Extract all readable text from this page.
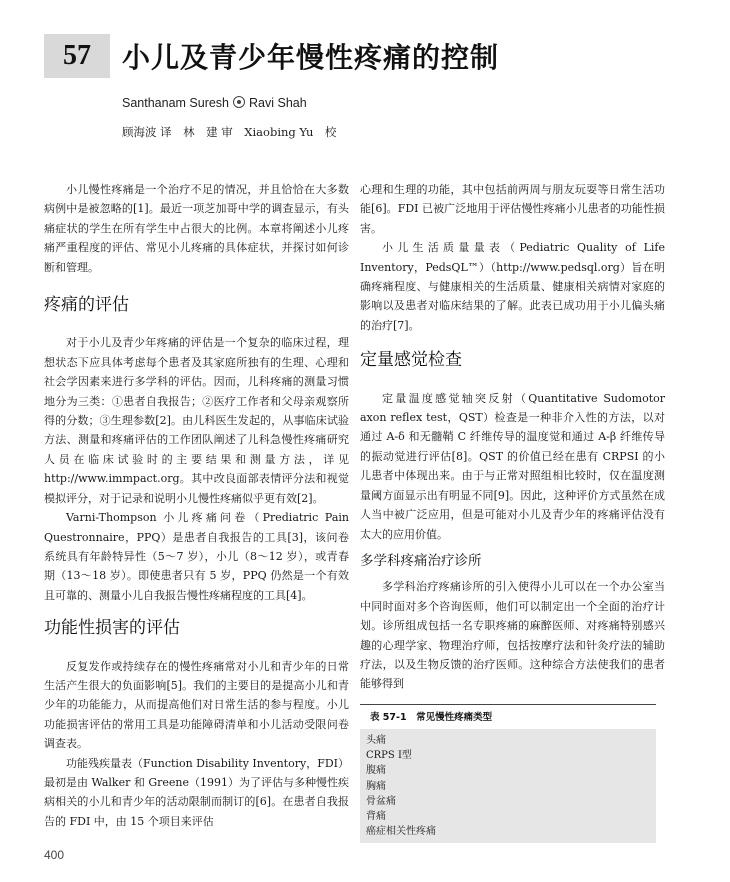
57	小儿及青少年慢性疼痛的控制
Santhanam Suresh Ravi Shah
顾海波 译　林　建 审　Xiaobing Yu　校

小儿慢性疼痛是一个治疗不足的情况，并且恰恰在大多数病例中是被忽略的[1]。最近一项芝加哥中学的调查显示，有头痛症状的学生在所有学生中占很大的比例。本章将阐述小儿疼痛严重程度的评估、常见小儿疼痛的具体症状，并探讨如何诊断和管理。

疼痛的评估

对于小儿及青少年疼痛的评估是一个复杂的临床过程，理想状态下应具体考虑每个患者及其家庭所独有的生理、心理和社会学因素来进行多学科的评估。因而，儿科疼痛的测量习惯地分为三类：①患者自我报告；②医疗工作者和父母亲观察所得的分数；③生理参数[2]。由儿科医生发起的，从事临床试验方法、测量和疼痛评估的工作团队阐述了儿科急慢性疼痛研究人员在临床试验时的主要结果和测量方法，详见 http://www.immpact.org。其中改良面部表情评分法和视觉模拟评分，对于记录和说明小儿慢性疼痛似乎更有效[2]。

Varni-Thompson 小儿疼痛问卷（Prediatric Pain Questronnaire，PPQ）是患者自我报告的工具[3]，该问卷系统具有年龄特异性（5～7 岁），小儿（8～12 岁），或青春期（13～18 岁）。即使患者只有 5 岁，PPQ 仍然是一个有效且可靠的、测量小儿自我报告慢性疼痛程度的工具[4]。

功能性损害的评估

反复发作或持续存在的慢性疼痛常对小儿和青少年的日常生活产生很大的负面影响[5]。我们的主要目的是提高小儿和青少年的功能能力，从而提高他们对日常生活的参与程度。小儿功能损害评估的常用工具是功能障碍清单和小儿活动受限问卷调查表。

功能残疾量表（Function Disability Inventory，FDI）最初是由 Walker 和 Greene（1991）为了评估与多种慢性疾病相关的小儿和青少年的活动限制而制订的[6]。在患者自我报告的 FDI 中，由 15 个项目来评估

心理和生理的功能，其中包括前两周与朋友玩耍等日常生活功能[6]。FDI 已被广泛地用于评估慢性疼痛小儿患者的功能性损害。

小儿生活质量量表（Pediatric Quality of Life Inventory，PedsQL™）（http://www.pedsql.org）旨在明确疼痛程度、与健康相关的生活质量、健康相关病情对家庭的影响以及患者对临床结果的了解。此表已成功用于小儿偏头痛的治疗[7]。

定量感觉检查

定量温度感觉轴突反射（Quantitative Sudomotor axon reflex test，QST）检查是一种非介入性的方法，以对通过 A-δ 和无髓鞘 C 纤维传导的温度觉和通过 A-β 纤维传导的振动觉进行评估[8]。QST 的价值已经在患有 CRPSI 的小儿患者中体现出来。由于与正常对照组相比较时，仅在温度测量阈方面显示出有明显不同[9]。因此，这种评价方式虽然在成人当中被广泛应用，但是可能对小儿及青少年的疼痛评估没有太大的应用价值。

多学科疼痛治疗诊所

多学科治疗疼痛诊所的引入使得小儿可以在一个办公室当中同时面对多个咨询医师，他们可以制定出一个全面的治疗计划。诊所组成包括一名专职疼痛的麻醉医师、对疼痛特别感兴趣的心理学家、物理治疗师，包括按摩疗法和针灸疗法的辅助疗法，以及生物反馈的治疗医师。这种综合方法使我们的患者能够得到

表 57-1　常见慢性疼痛类型
头痛
CRPS Ⅰ型
腹痛
胸痛
骨盆痛
背痛
癌症相关性疼痛
400
